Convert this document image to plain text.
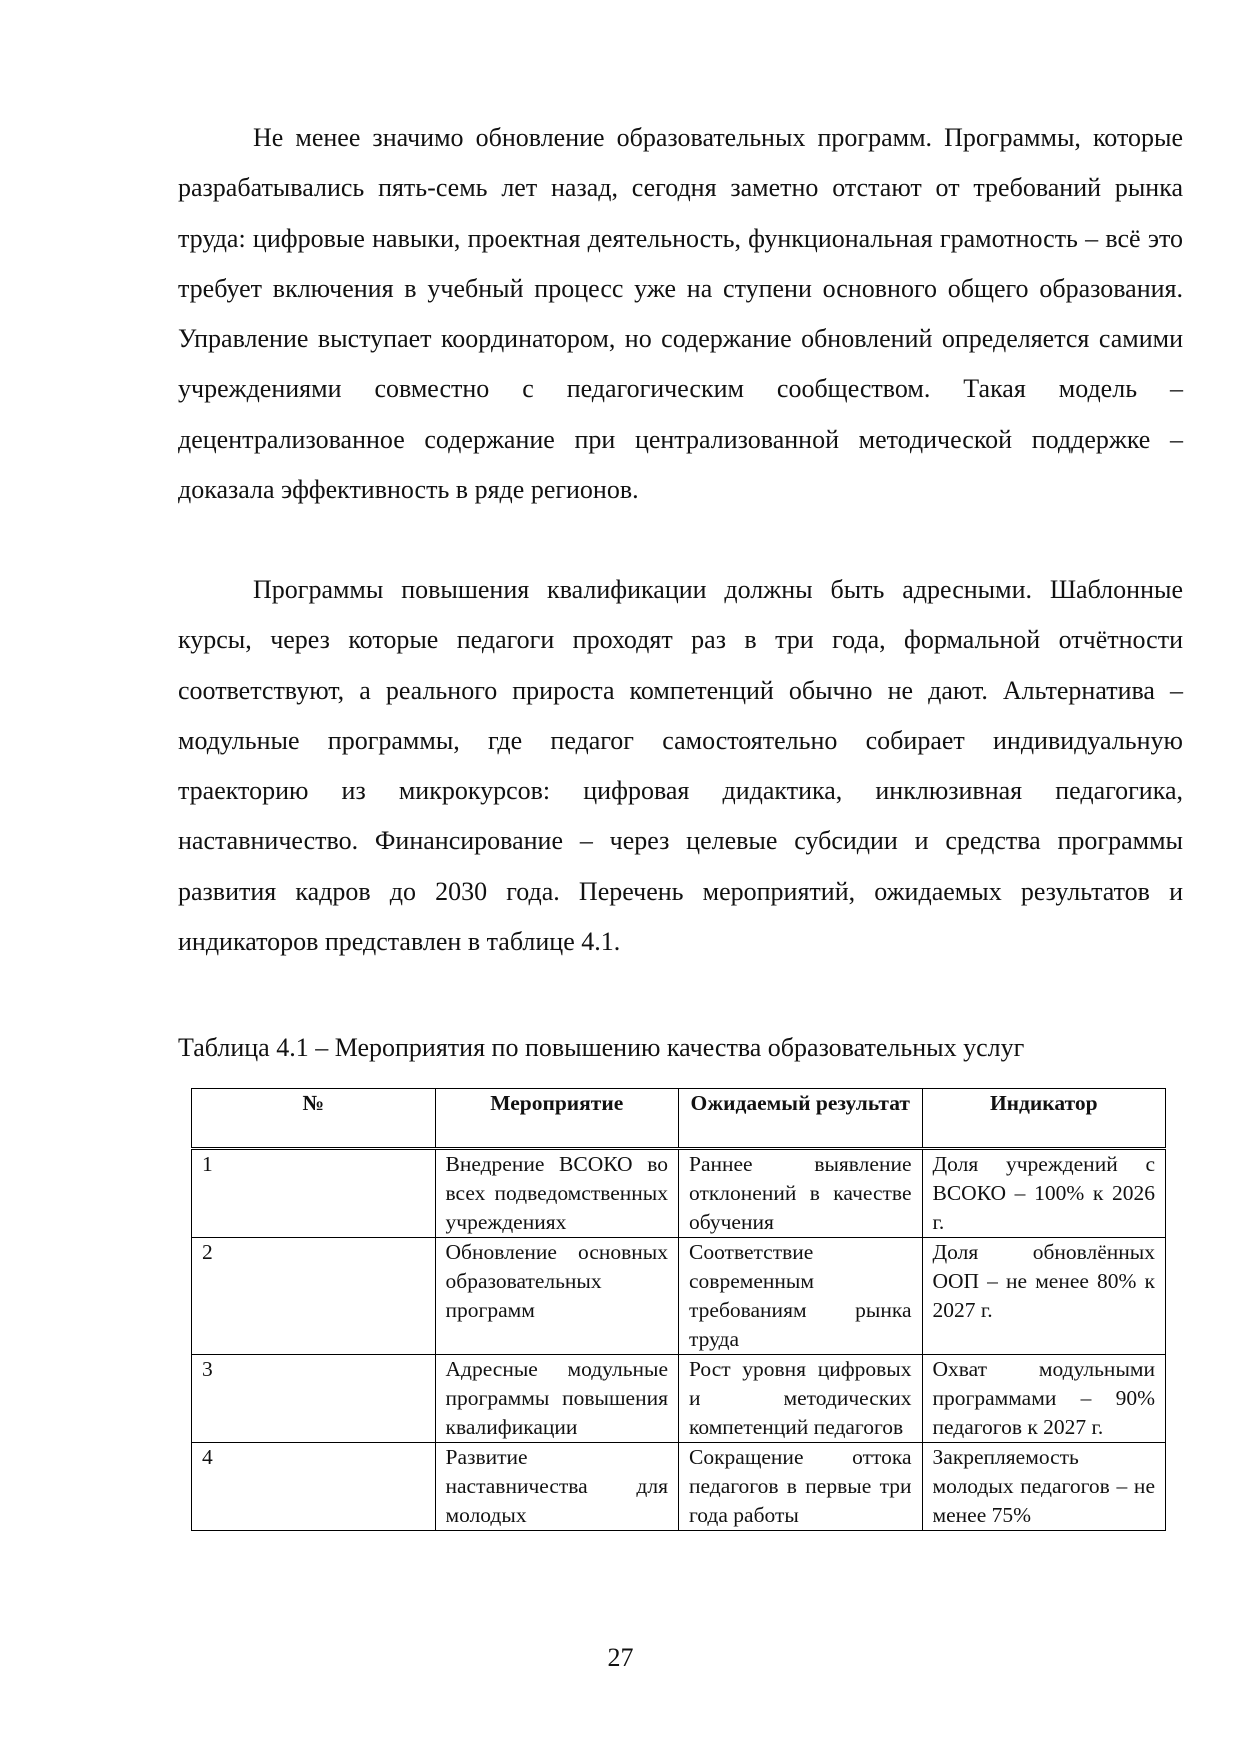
Не менее значимо обновление образовательных программ. Программы, которые разрабатывались пять-семь лет назад, сегодня заметно отстают от требований рынка труда: цифровые навыки, проектная деятельность, функциональная грамотность – всё это требует включения в учебный процесс уже на ступени основного общего образования. Управление выступает координатором, но содержание обновлений определяется самими учреждениями совместно с педагогическим сообществом. Такая модель – децентрализованное содержание при централизованной методической поддержке – доказала эффективность в ряде регионов.

Программы повышения квалификации должны быть адресными. Шаблонные курсы, через которые педагоги проходят раз в три года, формальной отчётности соответствуют, а реального прироста компетенций обычно не дают. Альтернатива – модульные программы, где педагог самостоятельно собирает индивидуальную траекторию из микрокурсов: цифровая дидактика, инклюзивная педагогика, наставничество. Финансирование – через целевые субсидии и средства программы развития кадров до 2030 года. Перечень мероприятий, ожидаемых результатов и индикаторов представлен в таблице 4.1.

Таблица 4.1 – Мероприятия по повышению качества образовательных услуг

№	Мероприятие	Ожидаемый результат	Индикатор
1	Внедрение ВСОКО во всех подведомственных учреждениях	Раннее выявление отклонений в качестве обучения	Доля учреждений с ВСОКО – 100% к 2026 г.
2	Обновление основных образовательных программ	Соответствие современным требованиям рынка труда	Доля обновлённых ООП – не менее 80% к 2027 г.
3	Адресные модульные программы повышения квалификации	Рост уровня цифровых и методических компетенций педагогов	Охват модульными программами – 90% педагогов к 2027 г.
4	Развитие наставничества для молодых	Сокращение оттока педагогов в первые три года работы	Закрепляемость молодых педагогов – не менее 75%
27
